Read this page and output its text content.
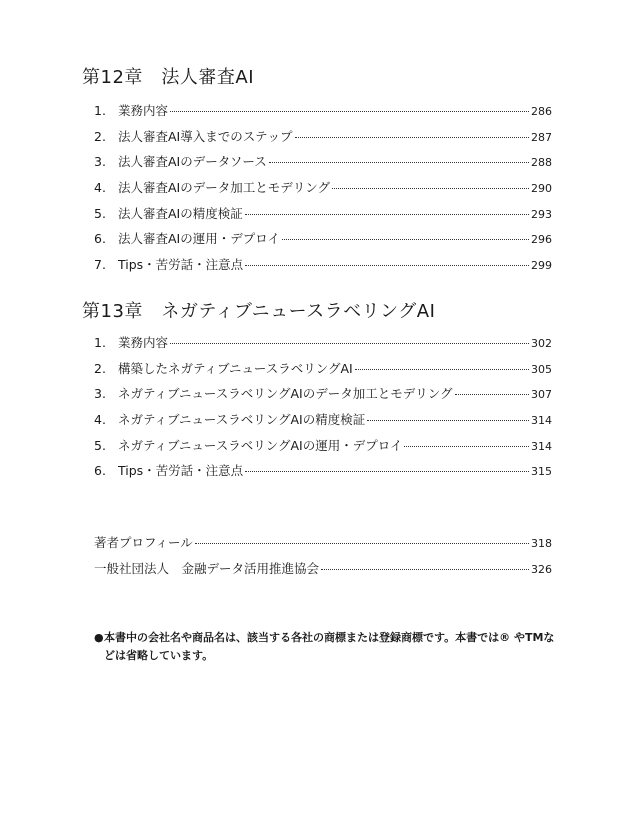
第12章　法人審査AI
1. 業務内容	286
2. 法人審査AI導入までのステップ	287
3. 法人審査AIのデータソース	288
4. 法人審査AIのデータ加工とモデリング	290
5. 法人審査AIの精度検証	293
6. 法人審査AIの運用・デプロイ	296
7. Tips・苦労話・注意点	299
第13章　ネガティブニュースラベリングAI
1. 業務内容	302
2. 構築したネガティブニュースラベリングAI	305
3. ネガティブニュースラベリングAIのデータ加工とモデリング	307
4. ネガティブニュースラベリングAIの精度検証	314
5. ネガティブニュースラベリングAIの運用・デプロイ	314
6. Tips・苦労話・注意点	315
著者プロフィール	318
一般社団法人　金融データ活用推進協会	326
● 本書中の会社名や商品名は、該当する各社の商標または登録商標です。本書では® やTMなどは省略しています。
